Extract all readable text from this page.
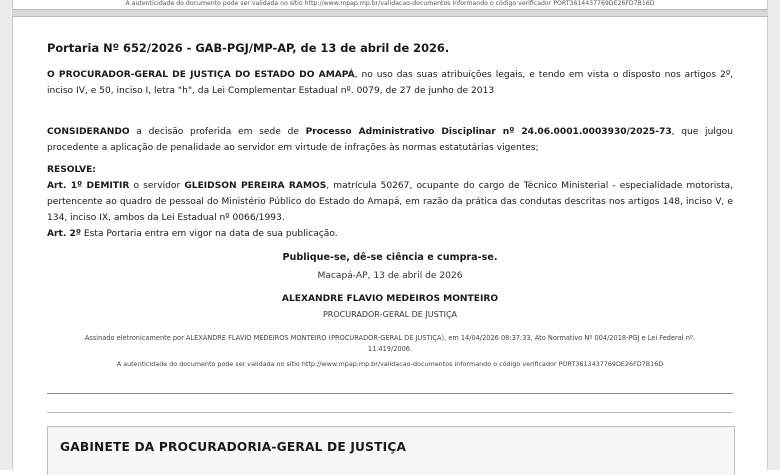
A autenticidade do documento pode ser validada no sítio http://www.mpap.mp.br/validacao-documentos informando o código verificador PORT3614437769DE26FD7B16D
Portaria Nº 652/2026 - GAB-PGJ/MP-AP, de 13 de abril de 2026.

O PROCURADOR-GERAL DE JUSTIÇA DO ESTADO DO AMAPÁ, no uso das suas atribuições legais, e tendo em vista o disposto nos artigos 2º, inciso IV, e 50, inciso I, letra "h", da Lei Complementar Estadual nº. 0079, de 27 de junho de 2013

CONSIDERANDO a decisão proferida em sede de Processo Administrativo Disciplinar nº 24.06.0001.0003930/2025-73, que julgou procedente a aplicação de penalidade ao servidor em virtude de infrações às normas estatutárias vigentes;

RESOLVE:

Art. 1º DEMITIR o servidor GLEIDSON PEREIRA RAMOS, matrícula 50267, ocupante do cargo de Técnico Ministerial - especialidade motorista, pertencente ao quadro de pessoal do Ministério Público do Estado do Amapá, em razão da prática das condutas descritas nos artigos 148, inciso V, e 134, inciso IX, ambos da Lei Estadual nº 0066/1993.

Art. 2º Esta Portaria entra em vigor na data de sua publicação.

Publique-se, dê-se ciência e cumpra-se.
Macapá-AP, 13 de abril de 2026
ALEXANDRE FLAVIO MEDEIROS MONTEIRO
PROCURADOR-GERAL DE JUSTIÇA
Assinado eletronicamente por ALEXANDRE FLAVIO MEDEIROS MONTEIRO (PROCURADOR-GERAL DE JUSTIÇA), em 14/04/2026 08:37:33, Ato Normativo Nº 004/2018-PGJ e Lei Federal nº. 11.419/2006.
A autenticidade do documento pode ser validada no sítio http://www.mpap.mp.br/validacao-documentos informando o código verificador PORT3613437769DE26FD7B16D
GABINETE DA PROCURADORIA-GERAL DE JUSTIÇA
